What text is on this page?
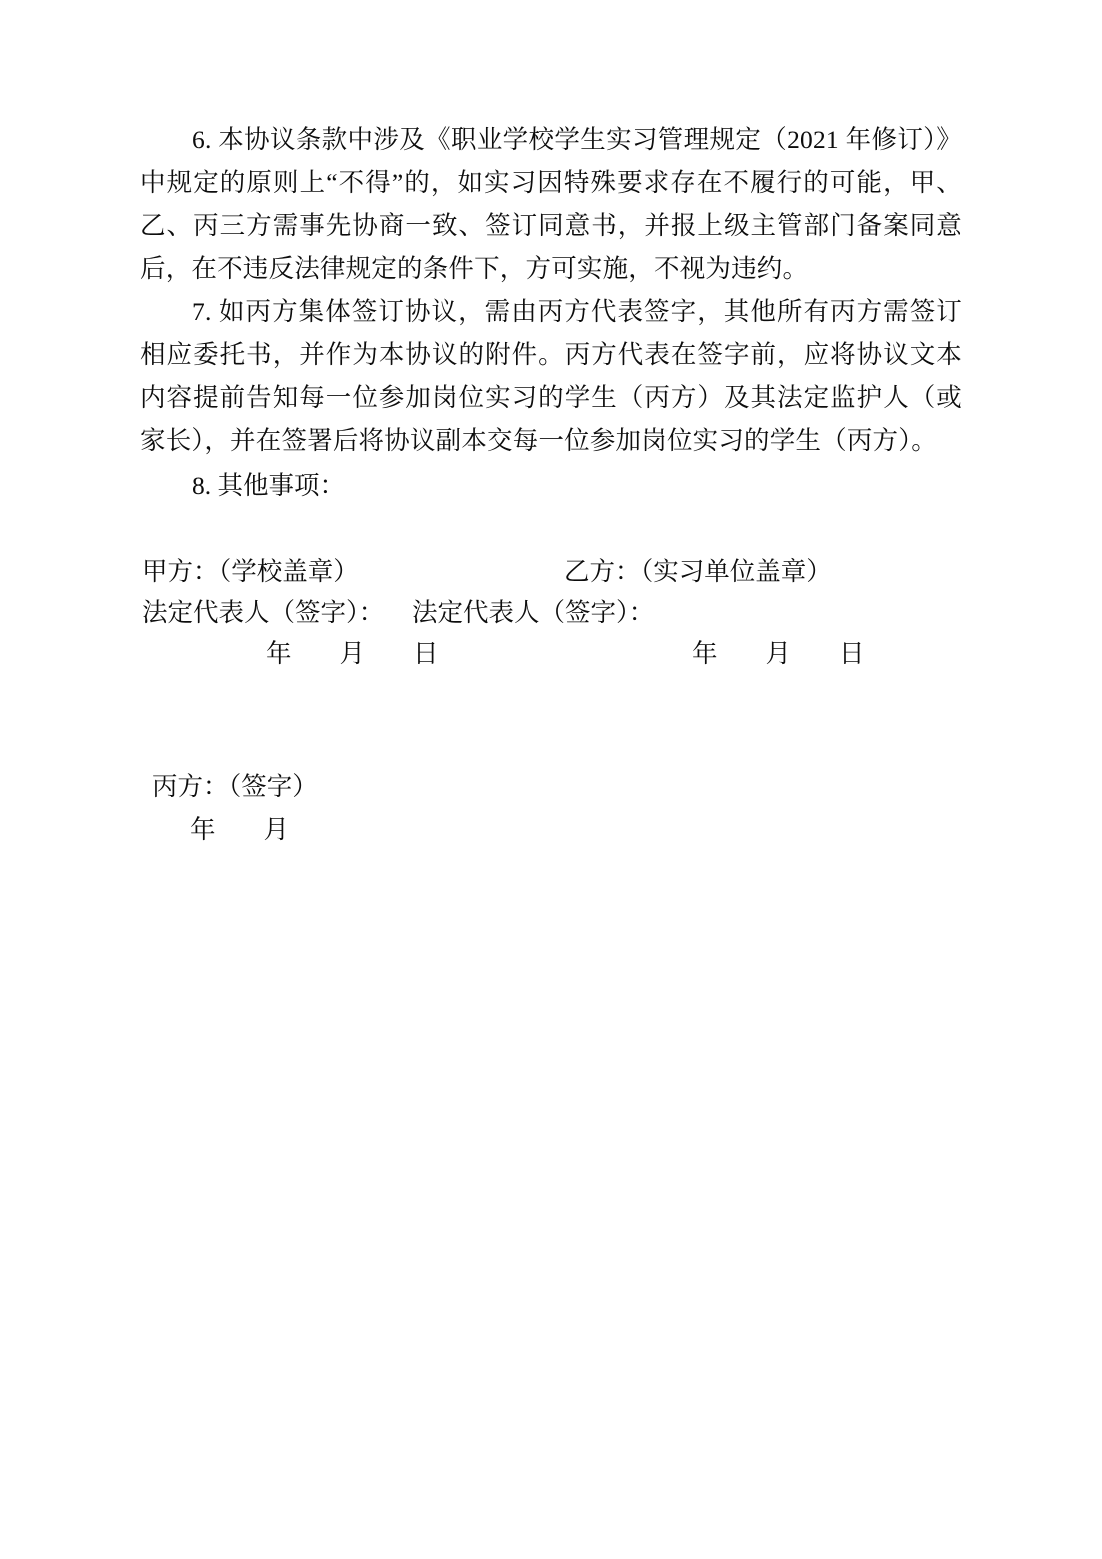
6. 本协议条款中涉及《职业学校学生实习管理规定（2021 年修订）》中规定的原则上“不得”的，如实习因特殊要求存在不履行的可能，甲、乙、丙三方需事先协商一致、签订同意书，并报上级主管部门备案同意后，在不违反法律规定的条件下，方可实施，不视为违约。

7. 如丙方集体签订协议，需由丙方代表签字，其他所有丙方需签订相应委托书，并作为本协议的附件。丙方代表在签字前，应将协议文本内容提前告知每一位参加岗位实习的学生（丙方）及其法定监护人（或家长），并在签署后将协议副本交每一位参加岗位实习的学生（丙方）。

8. 其他事项：

甲方：（学校盖章）	乙方：（实习单位盖章）
法定代表人（签字）： 法定代表人（签字）：
年 月 日	年 月 日
丙方：（签字）
年 月
